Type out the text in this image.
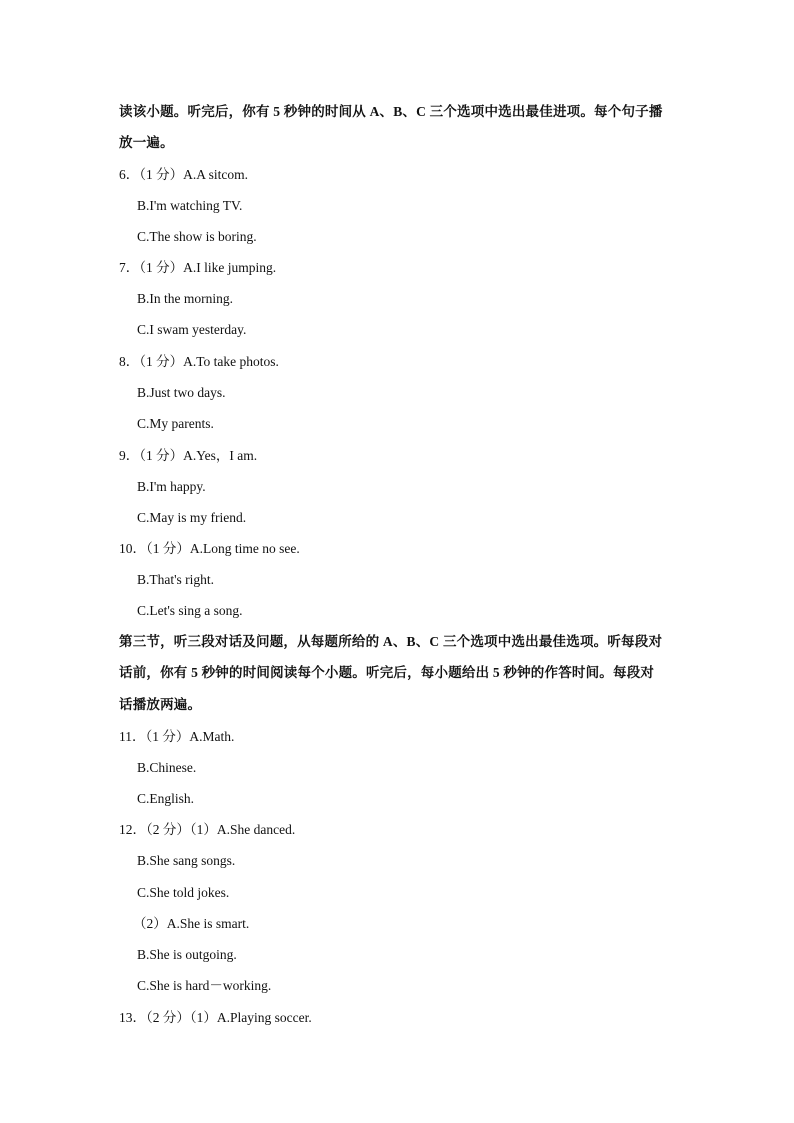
读该小题。听完后，你有 5 秒钟的时间从 A、B、C 三个选项中选出最佳进项。每个句子播
放一遍。
6．（1 分）A.A sitcom.
B.I'm watching TV.
C.The show is boring.
7．（1 分）A.I like jumping.
B.In the morning.
C.I swam yesterday.
8．（1 分）A.To take photos.
B.Just two days.
C.My parents.
9．（1 分）A.Yes，I am.
B.I'm happy.
C.May is my friend.
10．（1 分）A.Long time no see.
B.That's right.
C.Let's sing a song.
第三节，听三段对话及问题，从每题所给的 A、B、C 三个选项中选出最佳选项。听每段对
话前，你有 5 秒钟的时间阅读每个小题。听完后，每小题给出 5 秒钟的作答时间。每段对
话播放两遍。
11．（1 分）A.Math.
B.Chinese.
C.English.
12．（2 分）（1）A.She danced.
B.She sang songs.
C.She told jokes.
（2）A.She is smart.
B.She is outgoing.
C.She is hard－working.
13．（2 分）（1）A.Playing soccer.
